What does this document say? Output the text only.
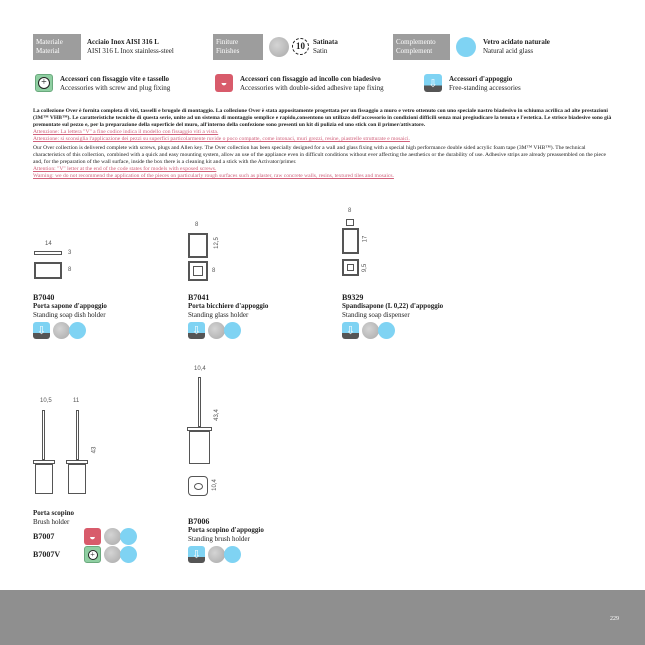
Materiale
Material
Acciaio Inox AISI 316 L
AISI 316 L Inox stainless-steel
Finiture
Finishes	10	Satinata
Satin
Complemento
Complement
Vetro acidato naturale
Natural acid glass
+	Accessori con fissaggio vite e tassello
Accessories with screw and plug fixing	◒	Accessori con fissaggio ad incollo con biadesivo
Accessories with double-sided adhesive tape fixing	⇩	Accessori d'appoggio
Free-standing accessories
La collezione Over è fornita completa di viti, tasselli e brugole di montaggio. La collezione Over è stata appositamente progettata per un fissaggio a muro e vetro ottenuto con uno speciale nastro biadesivo in schiuma acrilica ad alte prestazioni (3M™ VHB™). Le caratteristiche tecniche di questa serie, unite ad un sistema di montaggio semplice e rapido,consentono un utilizzo dell'accessorio in condizioni difficili senza mai pregiudicare la tenuta e l'estetica. Le strisce biadesive sono già premontate sul pezzo e, per la preparazione della superficie del muro, all'interno della confezione sono presenti un kit di pulizia ed uno stick con il primer/attivatore.
Attenzione: La lettera "V" a fine codice indica il modello con fissaggio viti a vista.
Attenzione: si sconsiglia l'applicazione dei pezzi su superfici particolarmente ruvide o poco compatte, come intonaci, muri grezzi, resine, piastrelle strutturate e mosaici.
Our Over collection is delivered complete with screws, plugs and Allen key. The Over collection has been specially designed for a wall and glass fixing with a special high performance double sided acrylic foam tape (3M™ VHB™). The technical characteristics of this collection, combined with a quick and easy mounting system, allow an use of the appliance even in difficult conditions without ever affecting the aesthetics or the durability of use. Adhesive strips are already preassembled on the piece and, for the preparation of the wall surface, inside the box there is a cleaning kit and a stick with the Activator/primer.
Attention: "V" letter at the end of the code states for models with exposed screws.
Warning: we do not recommend the application of the pieces on particularly rough surfaces such as plaster, raw concrete walls, resins, textured tiles and mosaics.
14
3
8
B7040
Porta sapone d'appoggio
Standing soap dish holder
⇩
8
12,5
8
B7041
Porta bicchiere d'appoggio
Standing glass holder
⇩
8
17
9,5
B9329
Spandisapone (L 0,22) d'appoggio
Standing soap dispenser
⇩
10,5	11
43
Porta scopino
Brush holder
B7007	◒
B7007V	+
10,4
43,4
10,4
B7006
Porta scopino d'appoggio
Standing brush holder
⇩
229
